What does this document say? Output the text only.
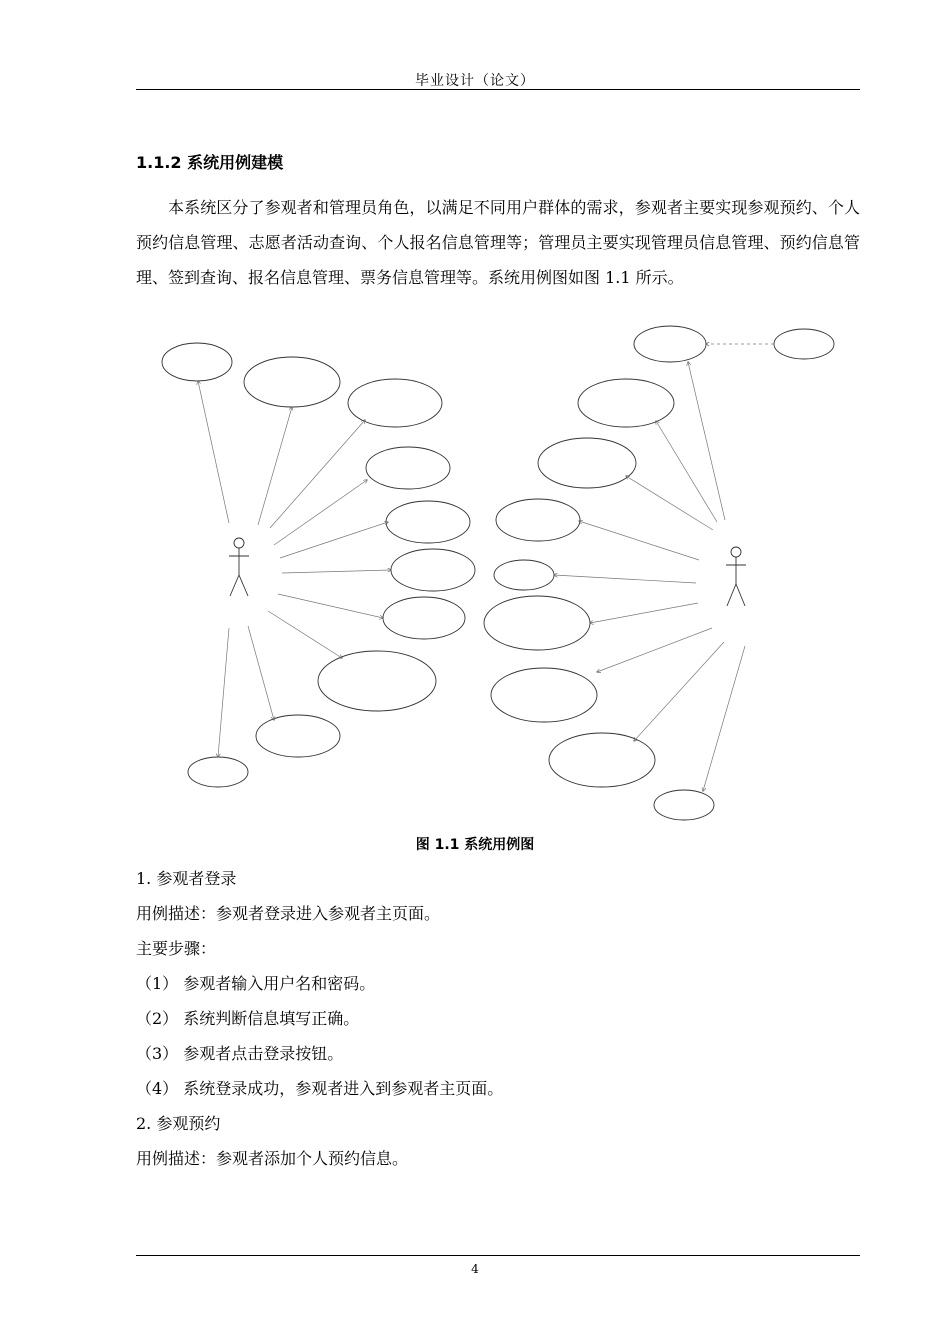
毕业设计（论文）
1.1.2 系统用例建模
本系统区分了参观者和管理员角色，以满足不同用户群体的需求，参观者主要实现参观预约、个人预约信息管理、志愿者活动查询、个人报名信息管理等；管理员主要实现管理员信息管理、预约信息管理、签到查询、报名信息管理、票务信息管理等。系统用例图如图 1.1 所示。
图 1.1 系统用例图
1. 参观者登录
用例描述：参观者登录进入参观者主页面。
主要步骤：
（1） 参观者输入用户名和密码。
（2） 系统判断信息填写正确。
（3） 参观者点击登录按钮。
（4） 系统登录成功，参观者进入到参观者主页面。
2. 参观预约
用例描述：参观者添加个人预约信息。
4
